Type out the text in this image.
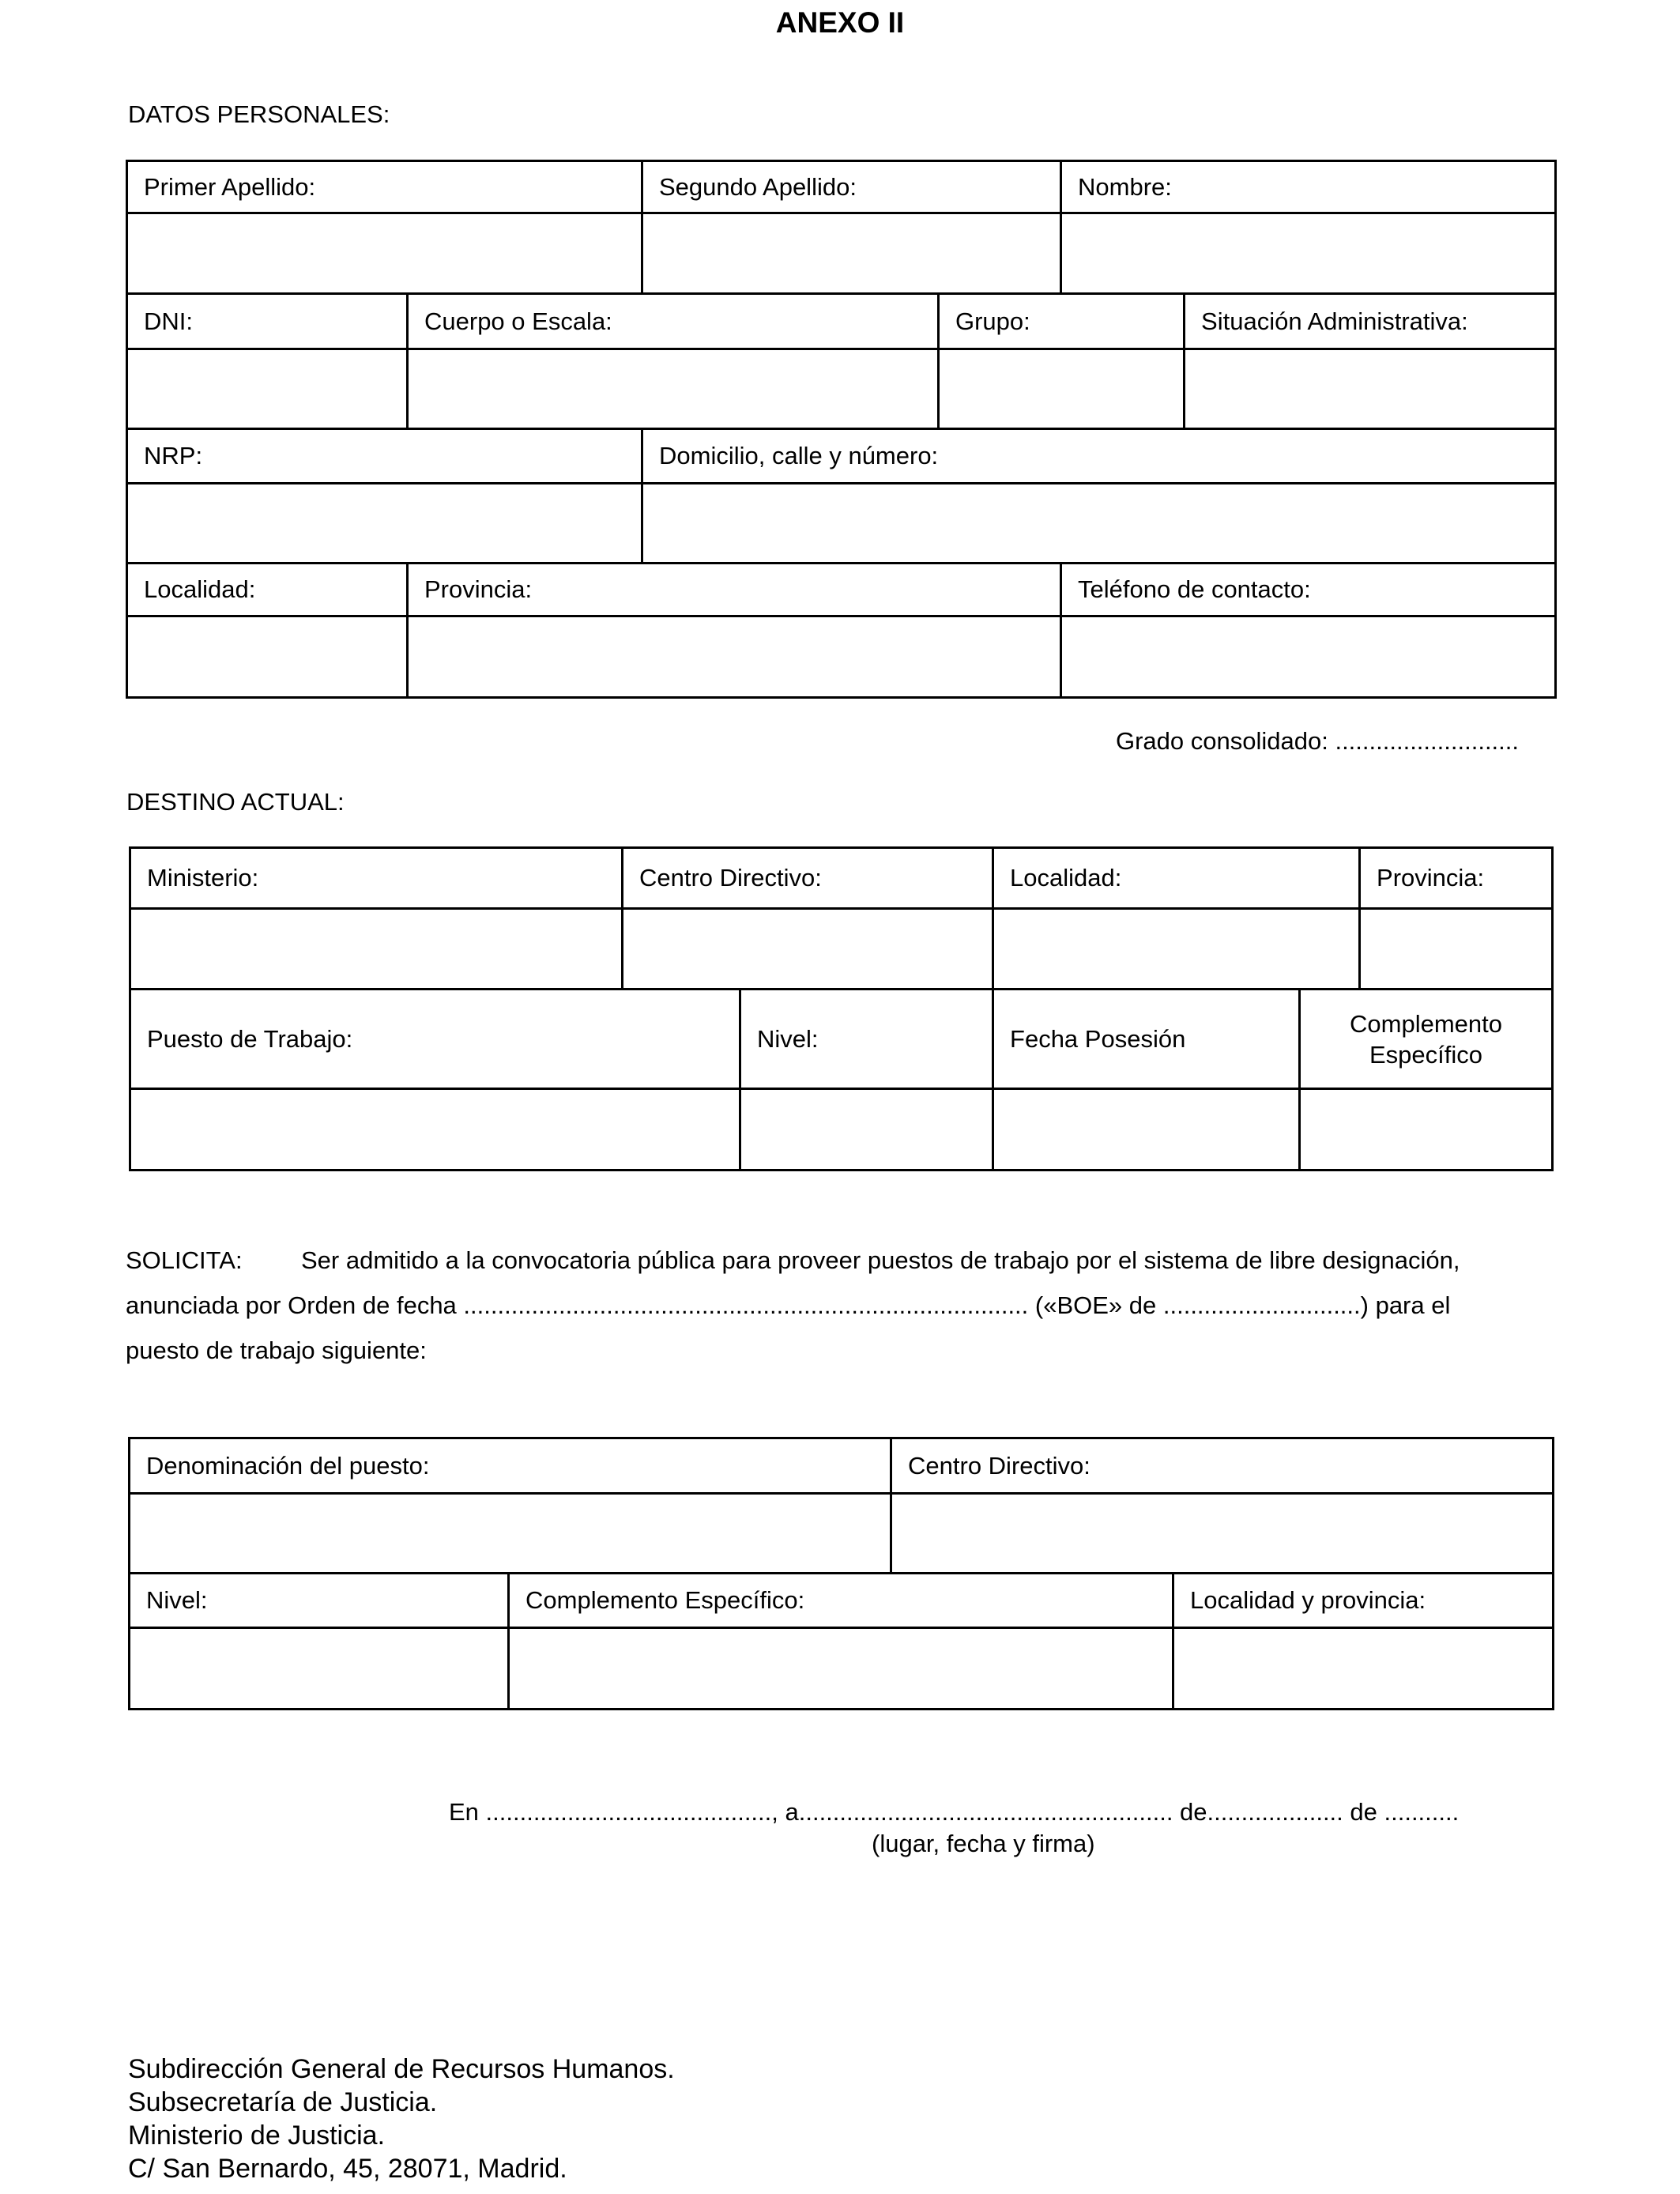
ANEXO II
DATOS PERSONALES:
Primer Apellido:		Segundo Apellido:		Nombre:	

DNI:	Cuerpo o Escala:		Grupo:		Situación Administrativa:

NRP:		Domicilio, calle y número:			

Localidad:	Provincia:			Teléfono de contacto:	

Grado consolidado: ...........................
DESTINO ACTUAL:
Ministerio:	Centro Directivo:		Localidad:		Provincia:

Puesto de Trabajo:		Nivel:	Fecha Posesión	Complemento
Específico	

SOLICITA: Ser admitido a la convocatoria pública para proveer puestos de trabajo por el sistema de libre designación,
anunciada por Orden de fecha ................................................................................... («BOE» de .............................) para el
puesto de trabajo siguiente:
Denominación del puesto:		Centro Directivo:	

Nivel:	Complemento Específico:		Localidad y provincia:

En .........................................., a....................................................... de.................... de ...........
(lugar, fecha y firma)
Subdirección General de Recursos Humanos.
Subsecretaría de Justicia.
Ministerio de Justicia.
C/ San Bernardo, 45, 28071, Madrid.
